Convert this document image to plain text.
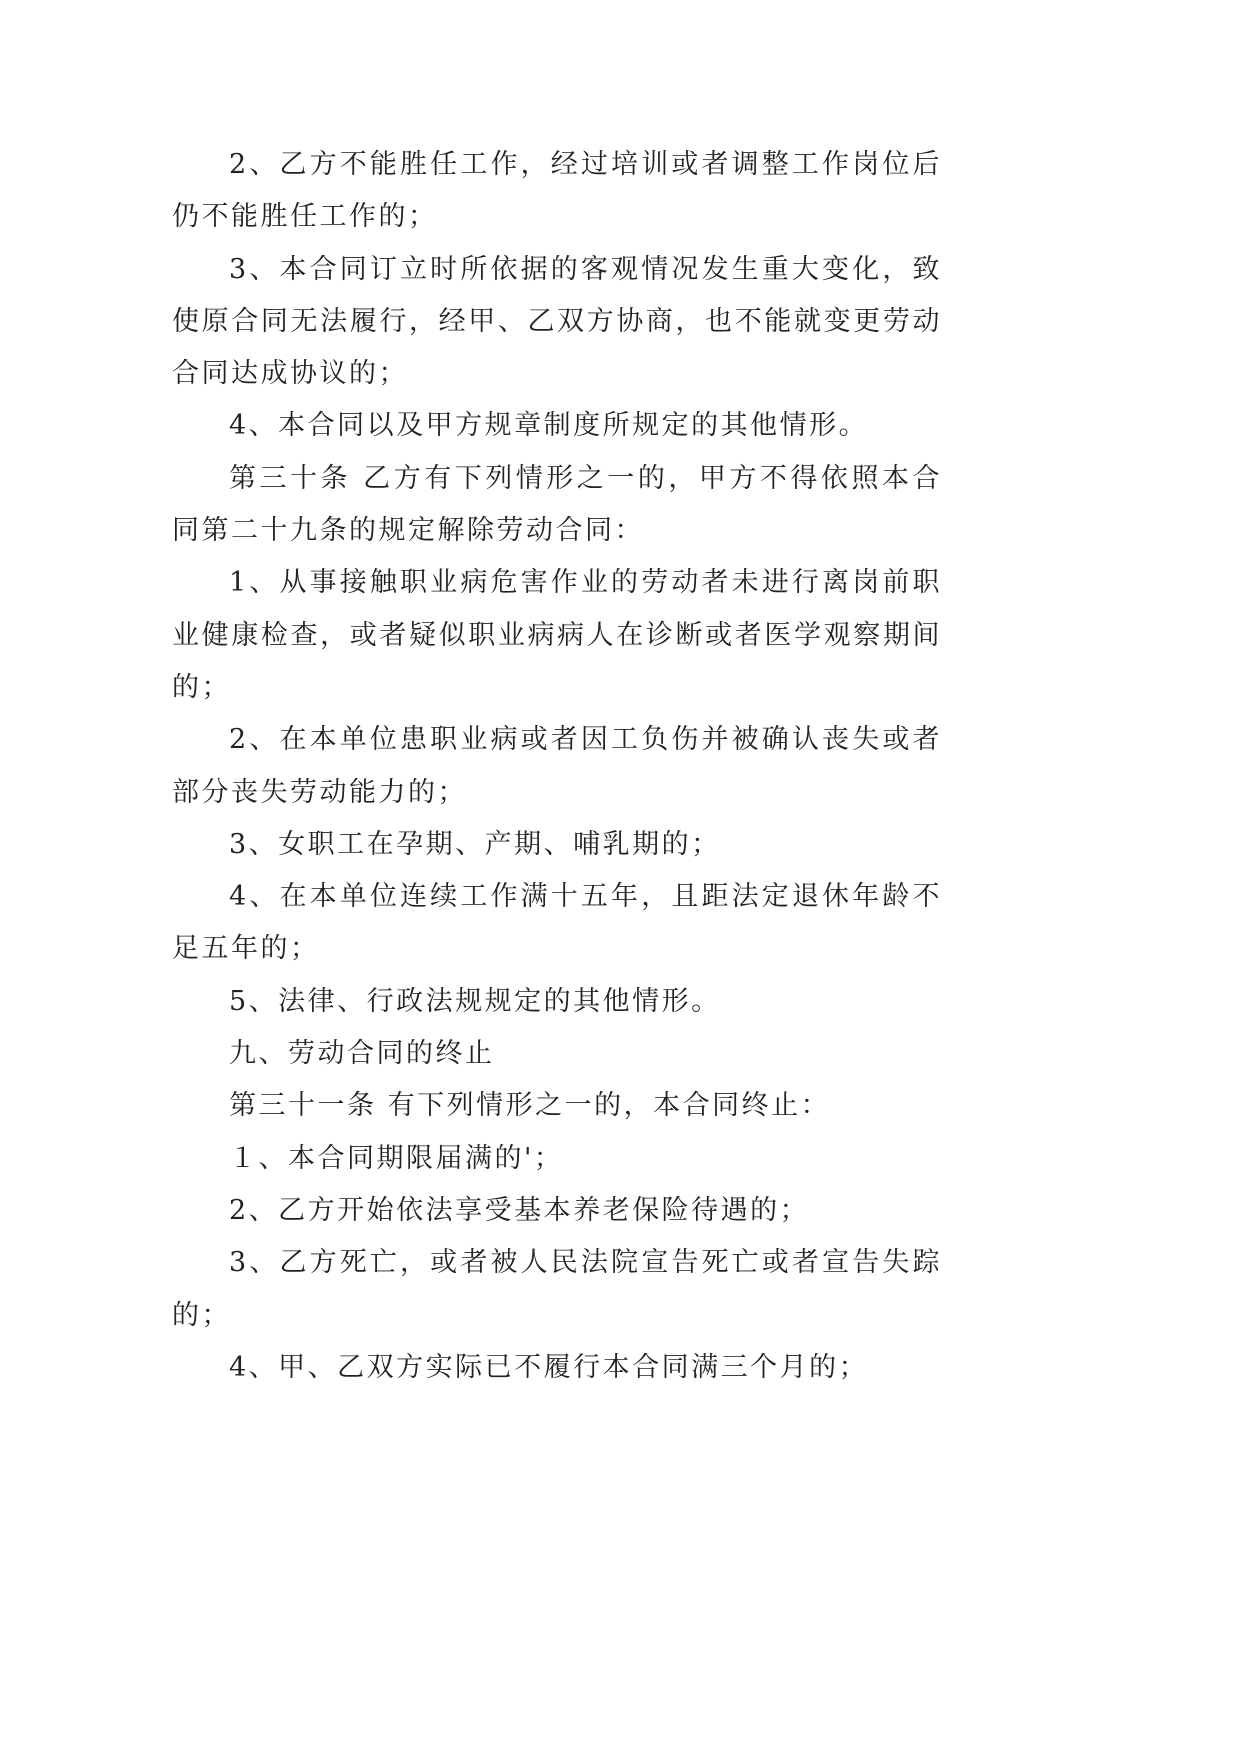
2、乙方不能胜任工作，经过培训或者调整工作岗位后
仍不能胜任工作的；
3、本合同订立时所依据的客观情况发生重大变化，致
使原合同无法履行，经甲、乙双方协商，也不能就变更劳动
合同达成协议的；
4、本合同以及甲方规章制度所规定的其他情形。
第三十条 乙方有下列情形之一的，甲方不得依照本合
同第二十九条的规定解除劳动合同：
1、从事接触职业病危害作业的劳动者未进行离岗前职
业健康检查，或者疑似职业病病人在诊断或者医学观察期间
的；
2、在本单位患职业病或者因工负伤并被确认丧失或者
部分丧失劳动能力的；
3、女职工在孕期、产期、哺乳期的；
4、在本单位连续工作满十五年，且距法定退休年龄不
足五年的；
5、法律、行政法规规定的其他情形。
九、劳动合同的终止
第三十一条 有下列情形之一的，本合同终止：
１、本合同期限届满的'；
2、乙方开始依法享受基本养老保险待遇的；
3、乙方死亡，或者被人民法院宣告死亡或者宣告失踪
的；
4、甲、乙双方实际已不履行本合同满三个月的；
